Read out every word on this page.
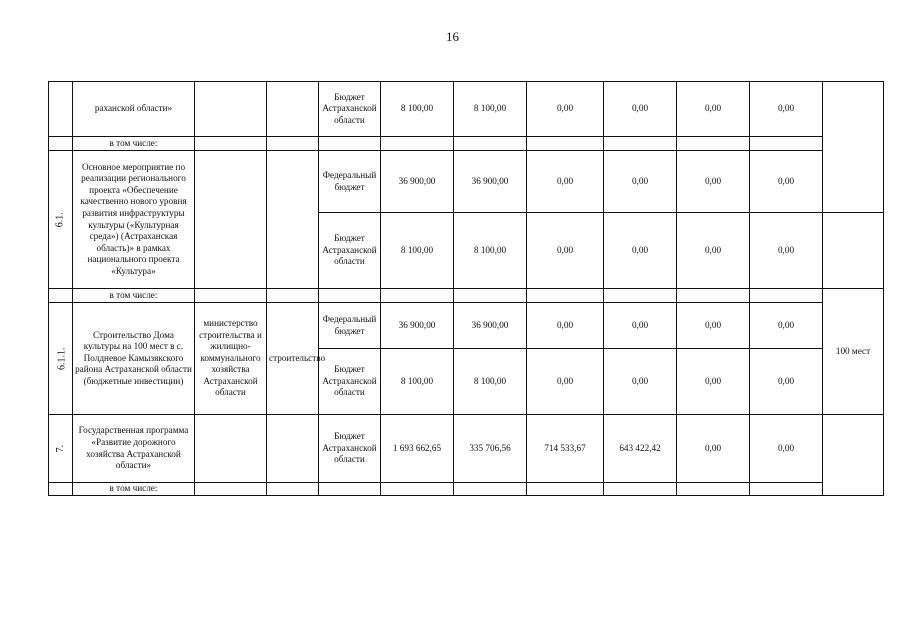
16
	раханской области»			Бюджет Астраханской области	8 100,00	8 100,00	0,00	0,00	0,00	0,00	
	в том числе:										
6.1.	Основное мероприятие по реализации регионального проекта «Обеспечение качественно нового уровня развития инфраструктуры культуры («Культурная среда») (Астраханская область)» в рамках национального проекта «Культура»			Федеральный бюджет	36 900,00	36 900,00	0,00	0,00	0,00	0,00	
				Бюджет Астраханской области	8 100,00	8 100,00	0,00	0,00	0,00	0,00	
	в том числе:										100 мест
6.1.1.	Строительство Дома культуры на 100 мест в с. Полдневое Камызякского района Астраханской области (бюджетные инвестиции)	министерство строительства и жилищно-коммунального хозяйства Астраханской области	строительство	Федеральный бюджет	36 900,00	36 900,00	0,00	0,00	0,00	0,00	
				Бюджет Астраханской области	8 100,00	8 100,00	0,00	0,00	0,00	0,00	
7.	Государственная программа «Развитие дорожного хозяйства Астраханской области»			Бюджет Астраханской области	1 693 662,65	335 706,56	714 533,67	643 422,42	0,00	0,00	
	в том числе:										
